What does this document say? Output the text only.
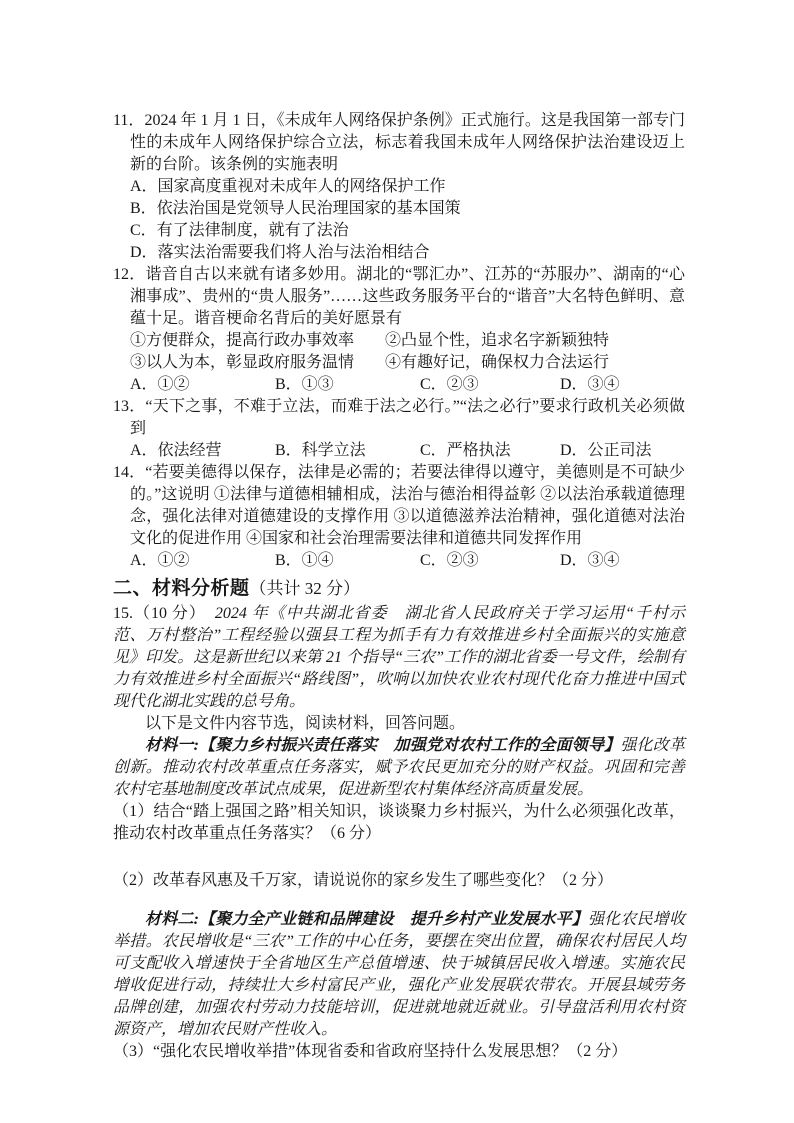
11．2024 年 1 月 1 日，《未成年人网络保护条例》正式施行。这是我国第一部专门性的未成年人网络保护综合立法，标志着我国未成年人网络保护法治建设迈上新的台阶。该条例的实施表明

A．国家高度重视对未成年人的网络保护工作

B．依法治国是党领导人民治理国家的基本国策

C．有了法律制度，就有了法治

D．落实法治需要我们将人治与法治相结合

12．谐音自古以来就有诸多妙用。湖北的“鄂汇办”、江苏的“苏服办”、湖南的“心湘事成”、贵州的“贵人服务”……这些政务服务平台的“谐音”大名特色鲜明、意蕴十足。谐音梗命名背后的美好愿景有

①方便群众，提高行政办事效率	②凸显个性，追求名字新颖独特
③以人为本，彰显政府服务温情	④有趣好记，确保权力合法运行
A．①②	B．①③	C．②③	D．③④

13．“天下之事，不难于立法，而难于法之必行。”“法之必行”要求行政机关必须做到

A．依法经营	B．科学立法	C．严格执法	D．公正司法

14．“若要美德得以保存，法律是必需的；若要法律得以遵守，美德则是不可缺少的。”这说明 ①法律与道德相辅相成，法治与德治相得益彰 ②以法治承载道德理念，强化法律对道德建设的支撑作用 ③以道德滋养法治精神，强化道德对法治文化的促进作用 ④国家和社会治理需要法律和道德共同发挥作用

A．①②	B．①④	C．②③	D．③④
二、材料分析题（共计 32 分）

15.（10 分）　2024 年《中共湖北省委　湖北省人民政府关于学习运用“千村示范、万村整治”工程经验以强县工程为抓手有力有效推进乡村全面振兴的实施意见》印发。这是新世纪以来第 21 个指导“三农”工作的湖北省委一号文件，绘制有力有效推进乡村全面振兴“路线图”，吹响以加快农业农村现代化奋力推进中国式现代化湖北实践的总号角。

以下是文件内容节选，阅读材料，回答问题。

材料一:【聚力乡村振兴责任落实　加强党对农村工作的全面领导】强化改革创新。推动农村改革重点任务落实，赋予农民更加充分的财产权益。巩固和完善农村宅基地制度改革试点成果，促进新型农村集体经济高质量发展。

（1）结合“踏上强国之路”相关知识，谈谈聚力乡村振兴，为什么必须强化改革，推动农村改革重点任务落实？（6 分）

（2）改革春风惠及千万家，请说说你的家乡发生了哪些变化？（2 分）

材料二:【聚力全产业链和品牌建设　提升乡村产业发展水平】强化农民增收举措。农民增收是“三农”工作的中心任务，要摆在突出位置，确保农村居民人均可支配收入增速快于全省地区生产总值增速、快于城镇居民收入增速。实施农民增收促进行动，持续壮大乡村富民产业，强化产业发展联农带农。开展县域劳务品牌创建，加强农村劳动力技能培训，促进就地就近就业。引导盘活利用农村资源资产，增加农民财产性收入。

（3）“强化农民增收举措”体现省委和省政府坚持什么发展思想？（2 分）
